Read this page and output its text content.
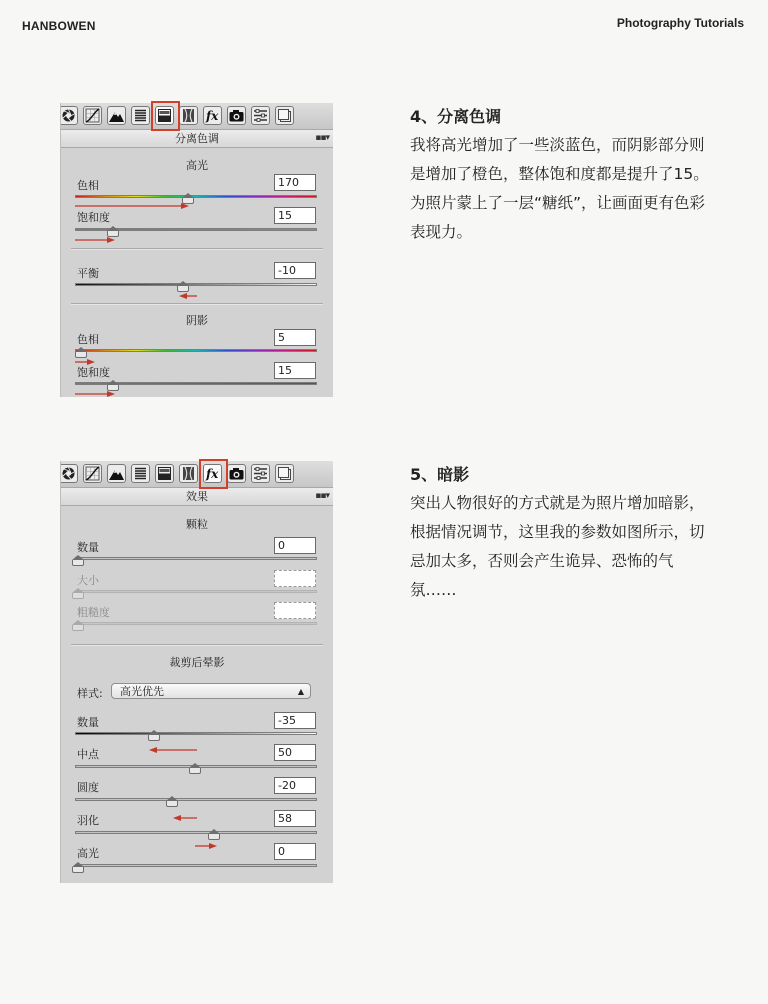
HANBOWEN	Photography Tutorials
fx
分离色调	▪▪▾
高光
色相	170
饱和度	15
平衡	-10
阴影
色相	5
饱和度	15
fx
效果	▪▪▾
颗粒
数量	0
大小
粗糙度
裁剪后晕影
样式:	高光优先	▲

数量	-35
中点	50
圆度	-20
羽化	58
高光	0
4、分离色调

我将高光增加了一些淡蓝色，而阴影部分则是增加了橙色，整体饱和度都是提升了15。为照片蒙上了一层“糖纸”，让画面更有色彩表现力。

5、暗影

突出人物很好的方式就是为照片增加暗影，根据情况调节，这里我的参数如图所示，切忌加太多，否则会产生诡异、恐怖的气氛……
